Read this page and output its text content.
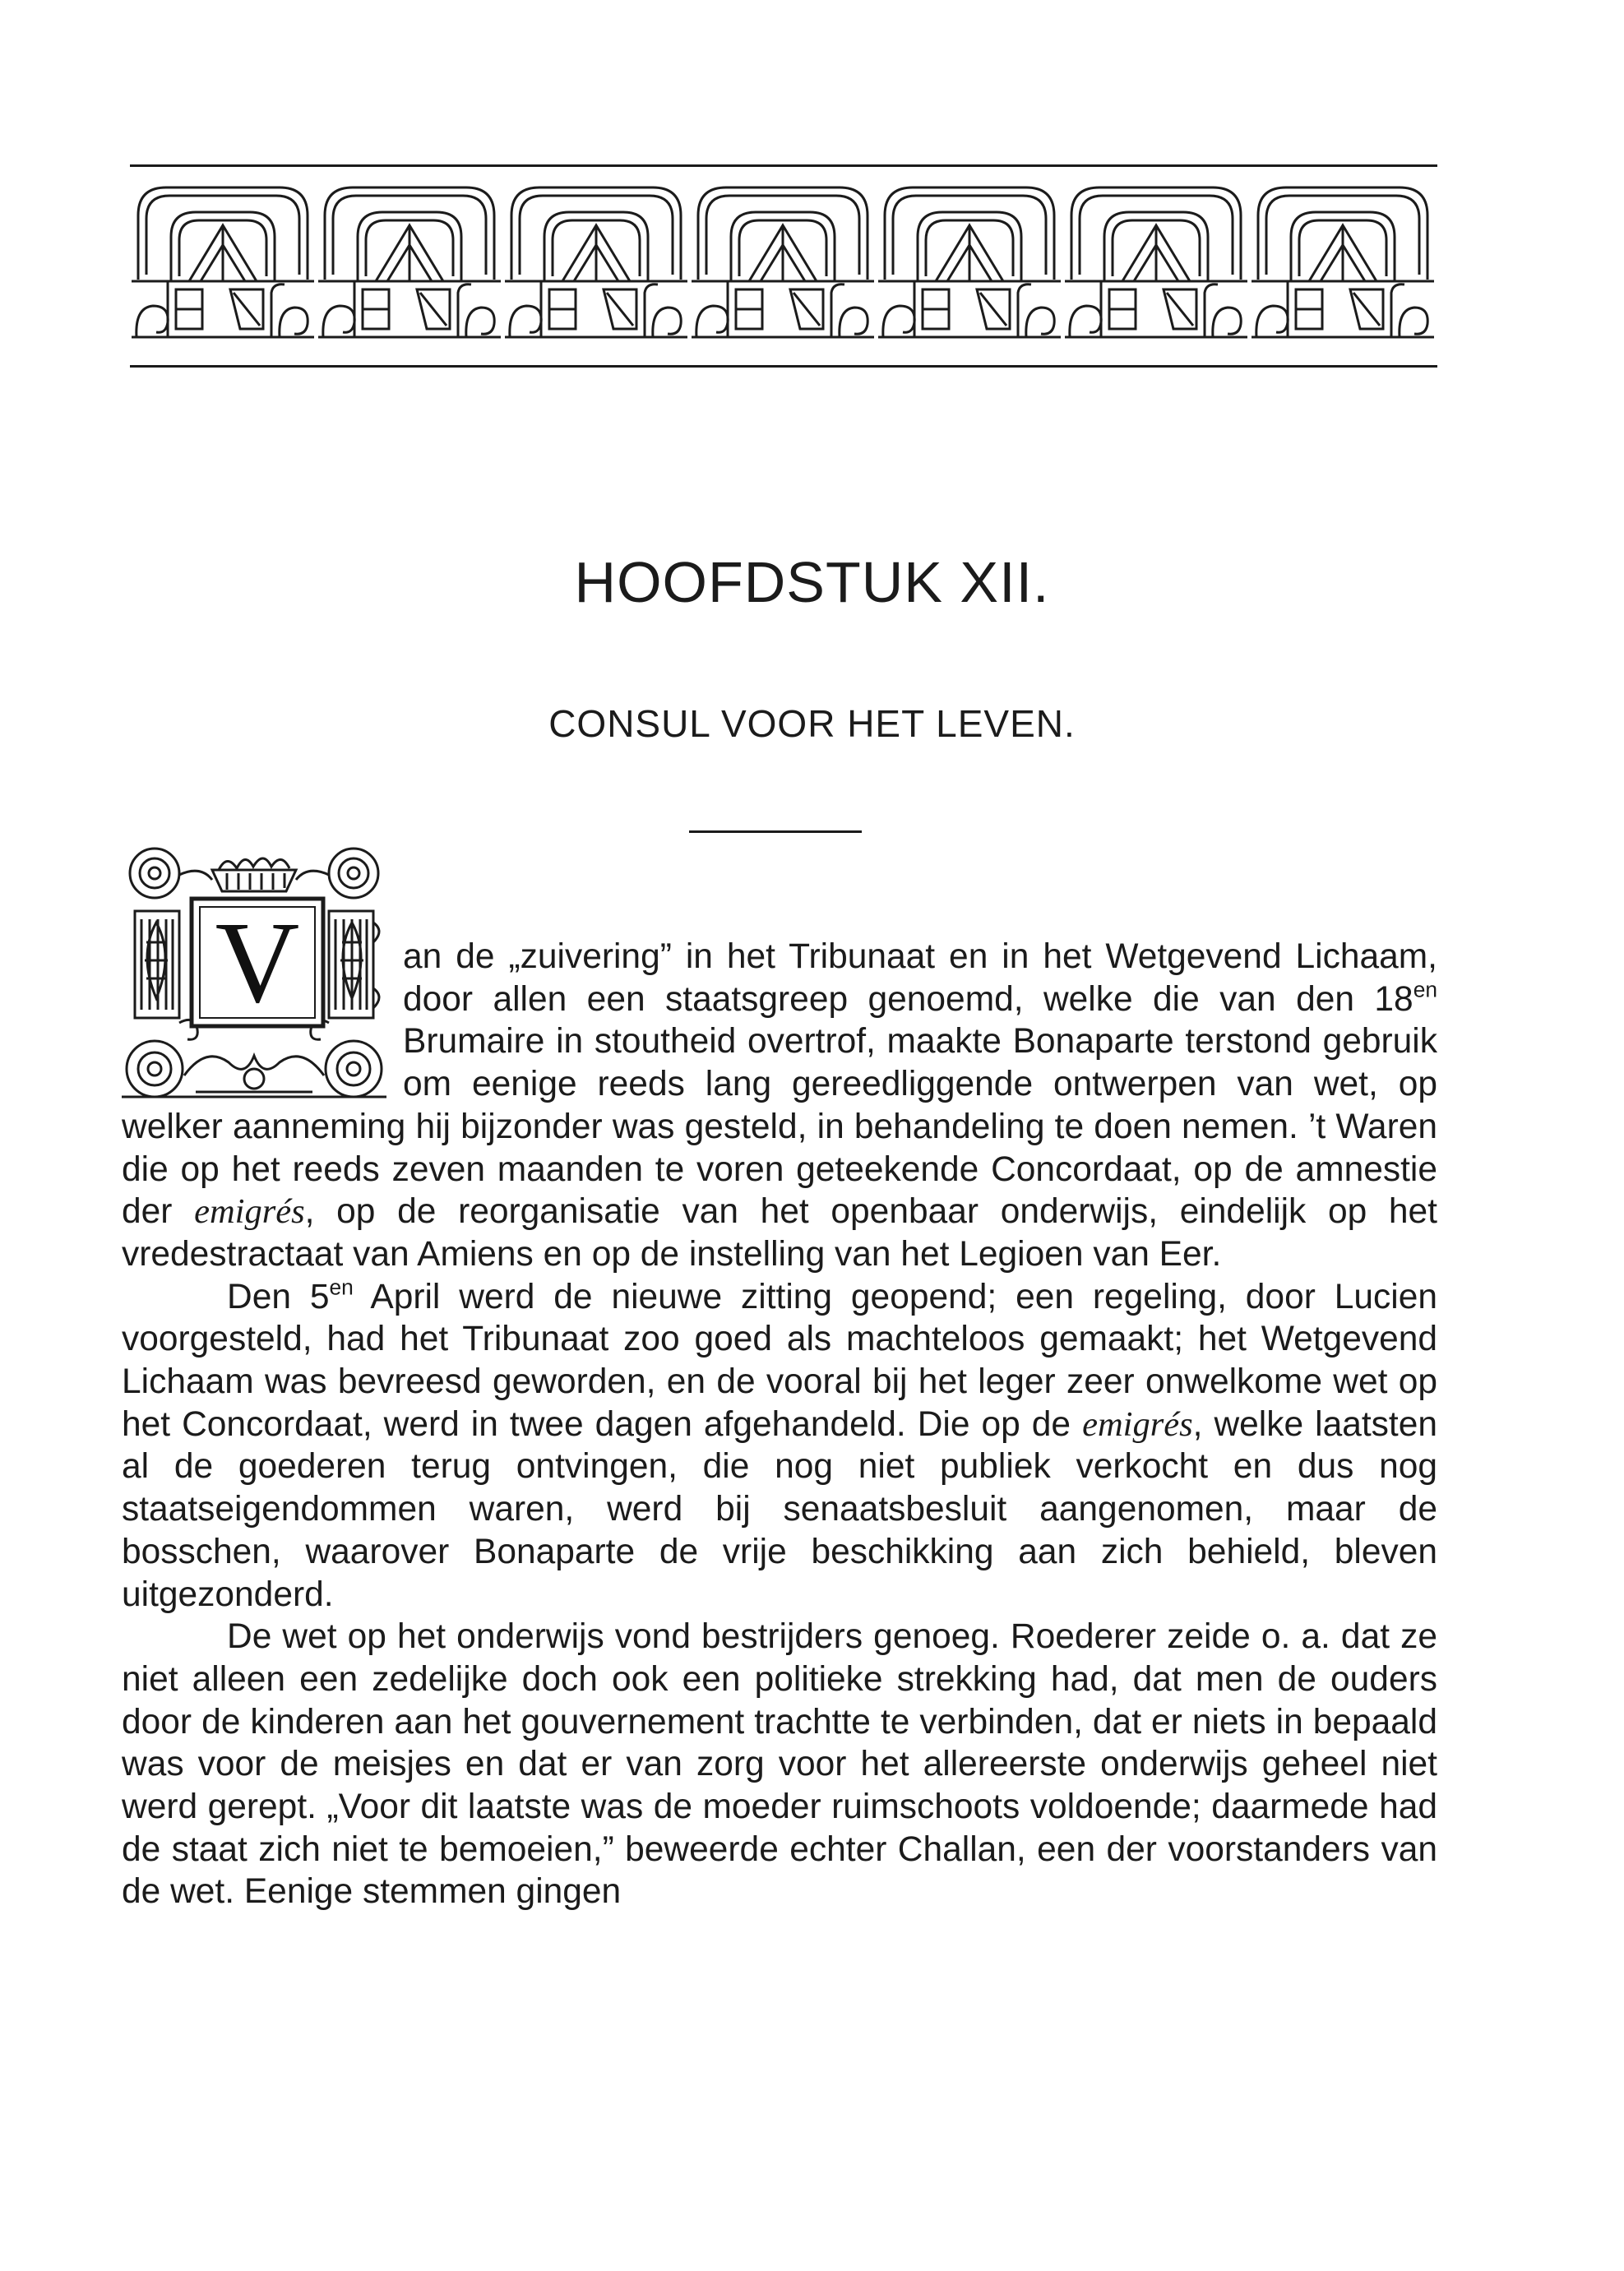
HOOFDSTUK XII.
CONSUL VOOR HET LEVEN.
V	an de „zuivering” in het Tribunaat en in het Wetgevend Lichaam, door allen een staatsgreep genoemd, welke die van den $18^{en}$ Brumaire in stoutheid overtrof, maakte Bonaparte terstond gebruik om eenige reeds lang gereedliggende ontwerpen van wet, op welker aanneming hij bijzonder was gesteld, in behandeling te doen nemen. ’t Waren die op het reeds zeven maanden te voren geteekende Concordaat, op de amnestie der emigrés, op de reorganisatie van het openbaar onderwijs, eindelijk op het vredestractaat van Amiens en op de instelling van het Legioen van Eer.

Den $5^{en}$ April werd de nieuwe zitting geopend; een regeling, door Lucien voorgesteld, had het Tribunaat zoo goed als machteloos gemaakt; het Wetgevend Lichaam was bevreesd geworden, en de vooral bij het leger zeer onwelkome wet op het Concordaat, werd in twee dagen afgehandeld. Die op de emigrés, welke laatsten al de goederen terug ontvingen, die nog niet publiek verkocht en dus nog staatseigendommen waren, werd bij senaatsbesluit aangenomen, maar de bosschen, waarover Bonaparte de vrije beschikking aan zich behield, bleven uitgezonderd.

De wet op het onderwijs vond bestrijders genoeg. Roederer zeide o. a. dat ze niet alleen een zedelijke doch ook een politieke strekking had, dat men de ouders door de kinderen aan het gouvernement trachtte te verbinden, dat er niets in bepaald was voor de meisjes en dat er van zorg voor het allereerste onderwijs geheel niet werd gerept. „Voor dit laatste was de moeder ruimschoots voldoende; daarmede had de staat zich niet te bemoeien,” beweerde echter Challan, een der voorstanders van de wet. Eenige stemmen gingen
